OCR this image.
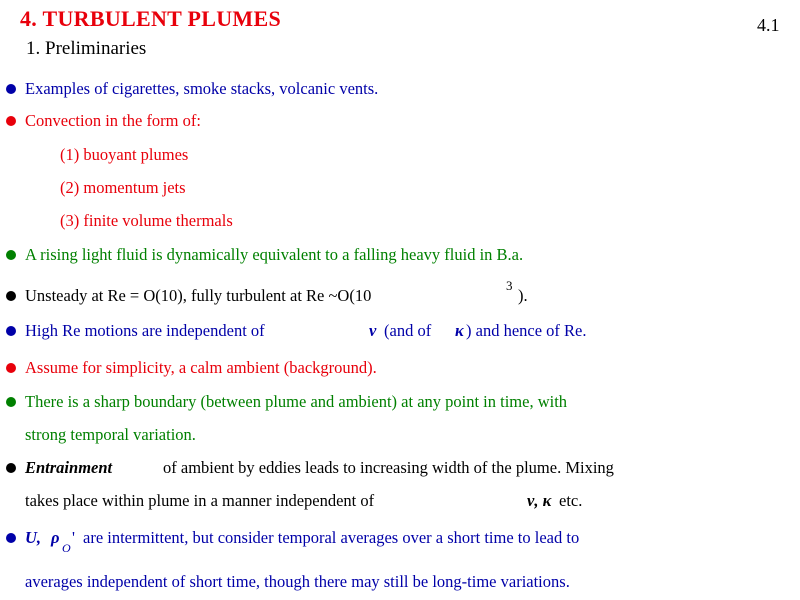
4. TURBULENT PLUMES	4.1
1. Preliminaries
Examples of cigarettes, smoke stacks, volcanic vents.
Convection in the form of:
(1) buoyant plumes
(2) momentum jets
(3) finite volume thermals
A rising light fluid is dynamically equivalent to a falling heavy fluid in B.a.
Unsteady at Re = O(10), fully turbulent at Re ~O(10
3
).
High Re motions are independent of	ν (and of κ ) and hence of Re.
Assume for simplicity, a calm ambient (background).
There is a sharp boundary (between plume and ambient) at any point in time, with
strong temporal variation.
Entrainment	of ambient by eddies leads to increasing width of the plume. Mixing
takes place within plume in a manner independent of	ν, κ etc.
U, ρ
O
' are intermittent, but consider temporal averages over a short time to lead to
averages independent of short time, though there may still be long-time variations.
